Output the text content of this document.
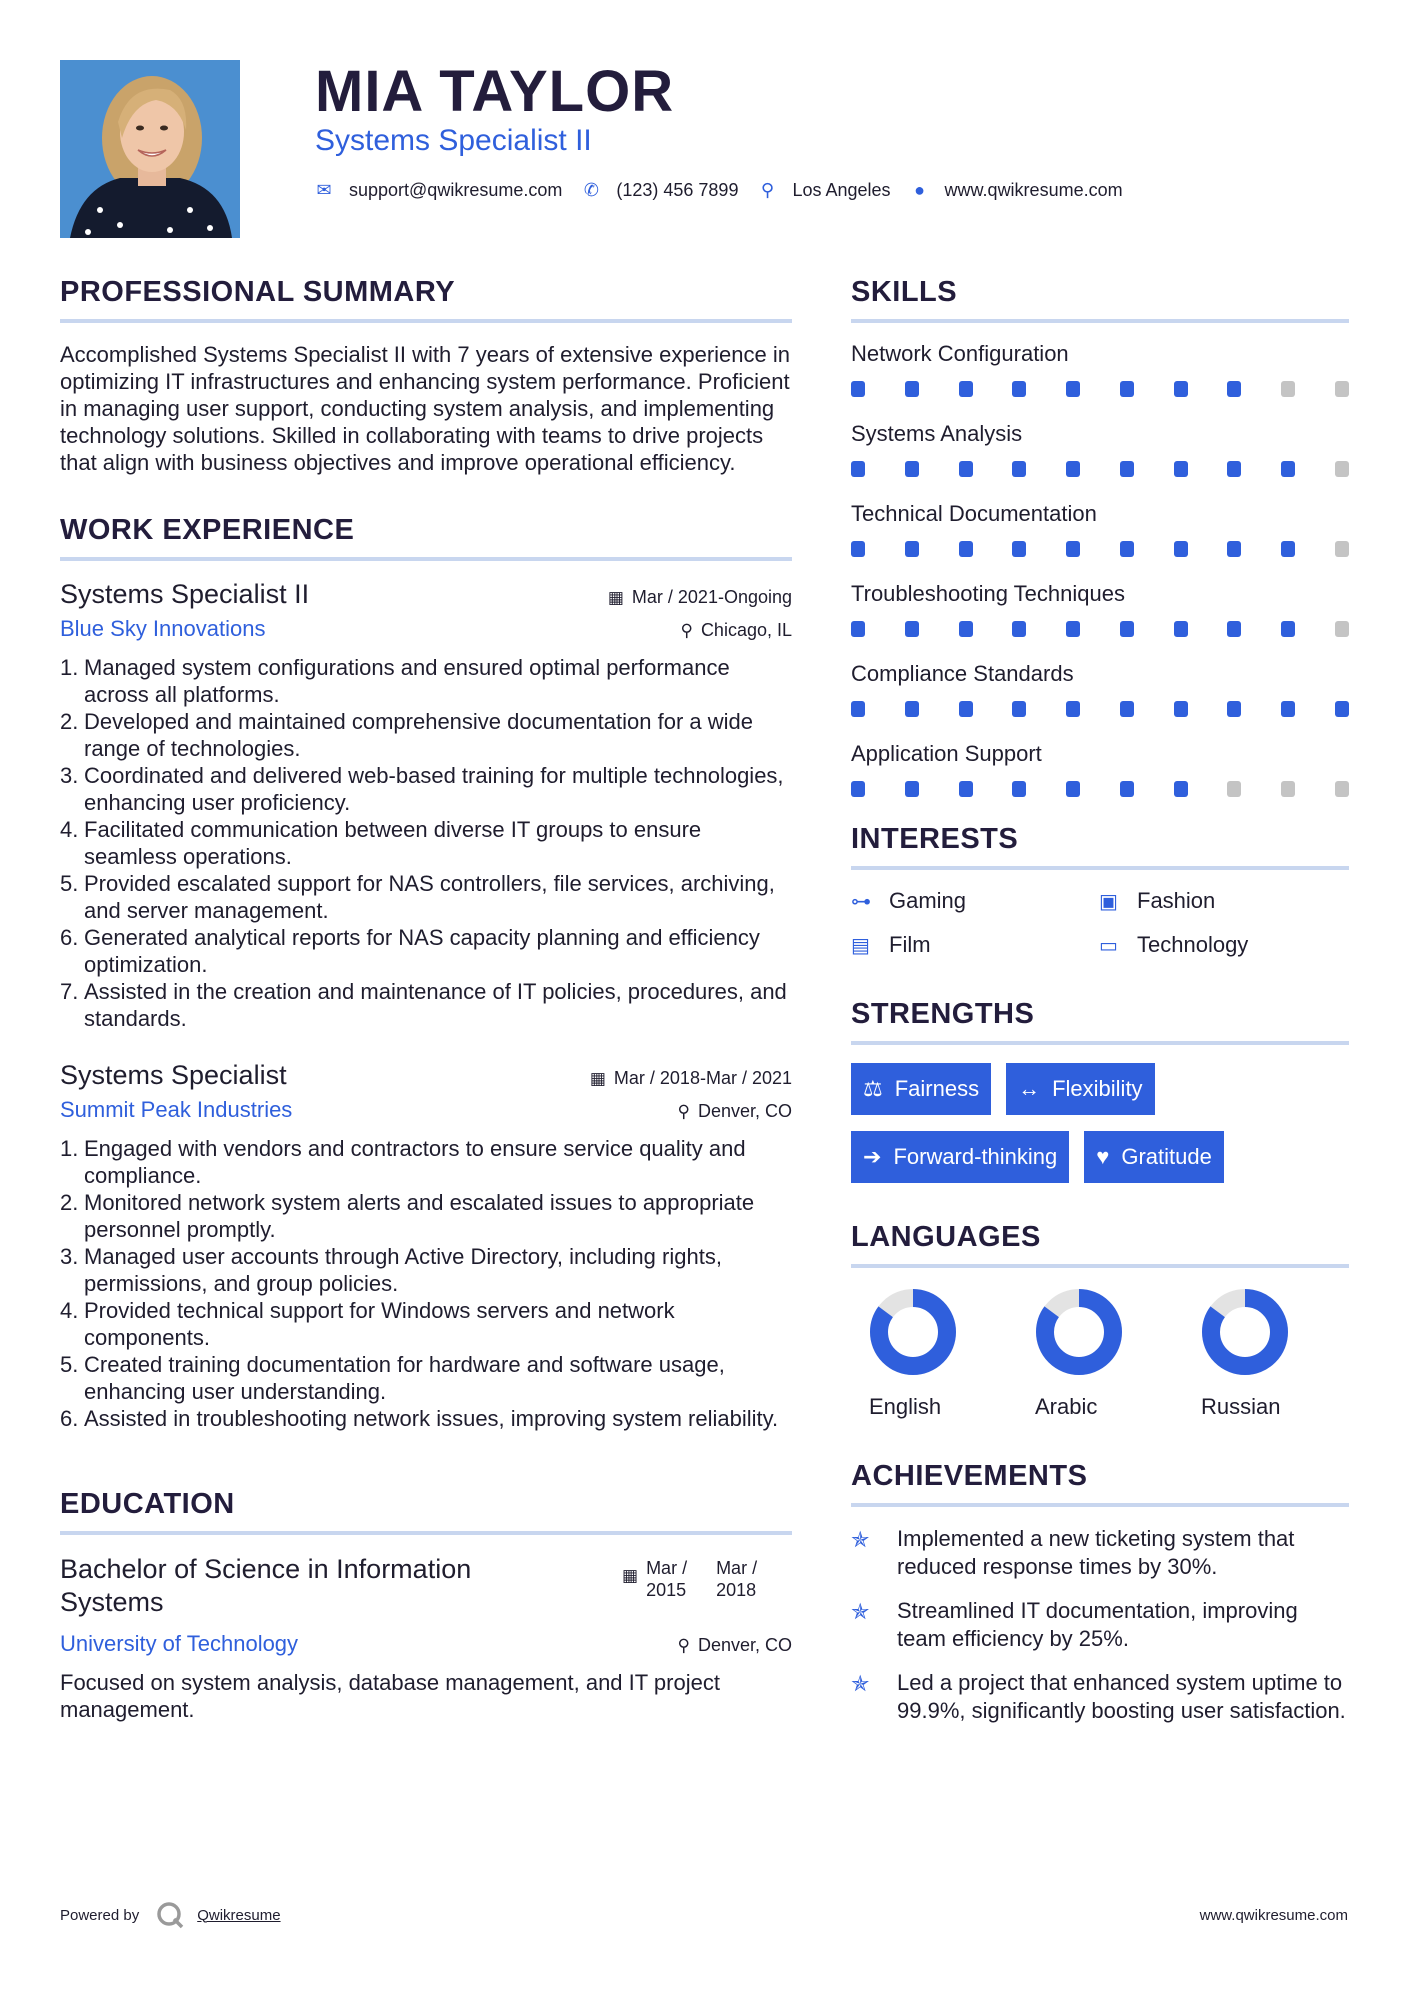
MIA TAYLOR
Systems Specialist II
✉ support@qwikresume.com ✆ (123) 456 7899 ⚲ Los Angeles ● www.qwikresume.com
PROFESSIONAL SUMMARY
Accomplished Systems Specialist II with 7 years of extensive experience in optimizing IT infrastructures and enhancing system performance. Proficient in managing user support, conducting system analysis, and implementing technology solutions. Skilled in collaborating with teams to drive projects that align with business objectives and improve operational efficiency.
WORK EXPERIENCE
Systems Specialist II	▦ Mar / 2021-Ongoing
Blue Sky Innovations	⚲ Chicago, IL
1 . Managed system configurations and ensured optimal performance across all platforms.
2 . Developed and maintained comprehensive documentation for a wide range of technologies.
3 . Coordinated and delivered web-based training for multiple technologies, enhancing user proficiency.
4 . Facilitated communication between diverse IT groups to ensure seamless operations.
5 . Provided escalated support for NAS controllers, file services, archiving, and server management.
6 . Generated analytical reports for NAS capacity planning and efficiency optimization.
7 . Assisted in the creation and maintenance of IT policies, procedures, and standards.
Systems Specialist	▦ Mar / 2018-Mar / 2021
Summit Peak Industries	⚲ Denver, CO
1 . Engaged with vendors and contractors to ensure service quality and compliance.
2 . Monitored network system alerts and escalated issues to appropriate personnel promptly.
3 . Managed user accounts through Active Directory, including rights, permissions, and group policies.
4 . Provided technical support for Windows servers and network components.
5 . Created training documentation for hardware and software usage, enhancing user understanding.
6 . Assisted in troubleshooting network issues, improving system reliability.
EDUCATION
Bachelor of Science in Information Systems
▦ Mar /
2015
Mar /
2018
University of Technology	⚲ Denver, CO
Focused on system analysis, database management, and IT project management.
SKILLS
Network Configuration
Systems Analysis
Technical Documentation
Troubleshooting Techniques
Compliance Standards
Application Support
INTERESTS
⊶ Gaming	▣ Fashion
▤ Film	▭ Technology
STRENGTHS
⚖ Fairness ↔ Flexibility
➔ Forward-thinking ♥ Gratitude
LANGUAGES
English	Arabic	Russian
ACHIEVEMENTS
✯	Implemented a new ticketing system that reduced response times by 30%.
✯	Streamlined IT documentation, improving team efficiency by 25%.
✯	Led a project that enhanced system uptime to 99.9%, significantly boosting user satisfaction.
Powered by	Qwikresume	www.qwikresume.com
